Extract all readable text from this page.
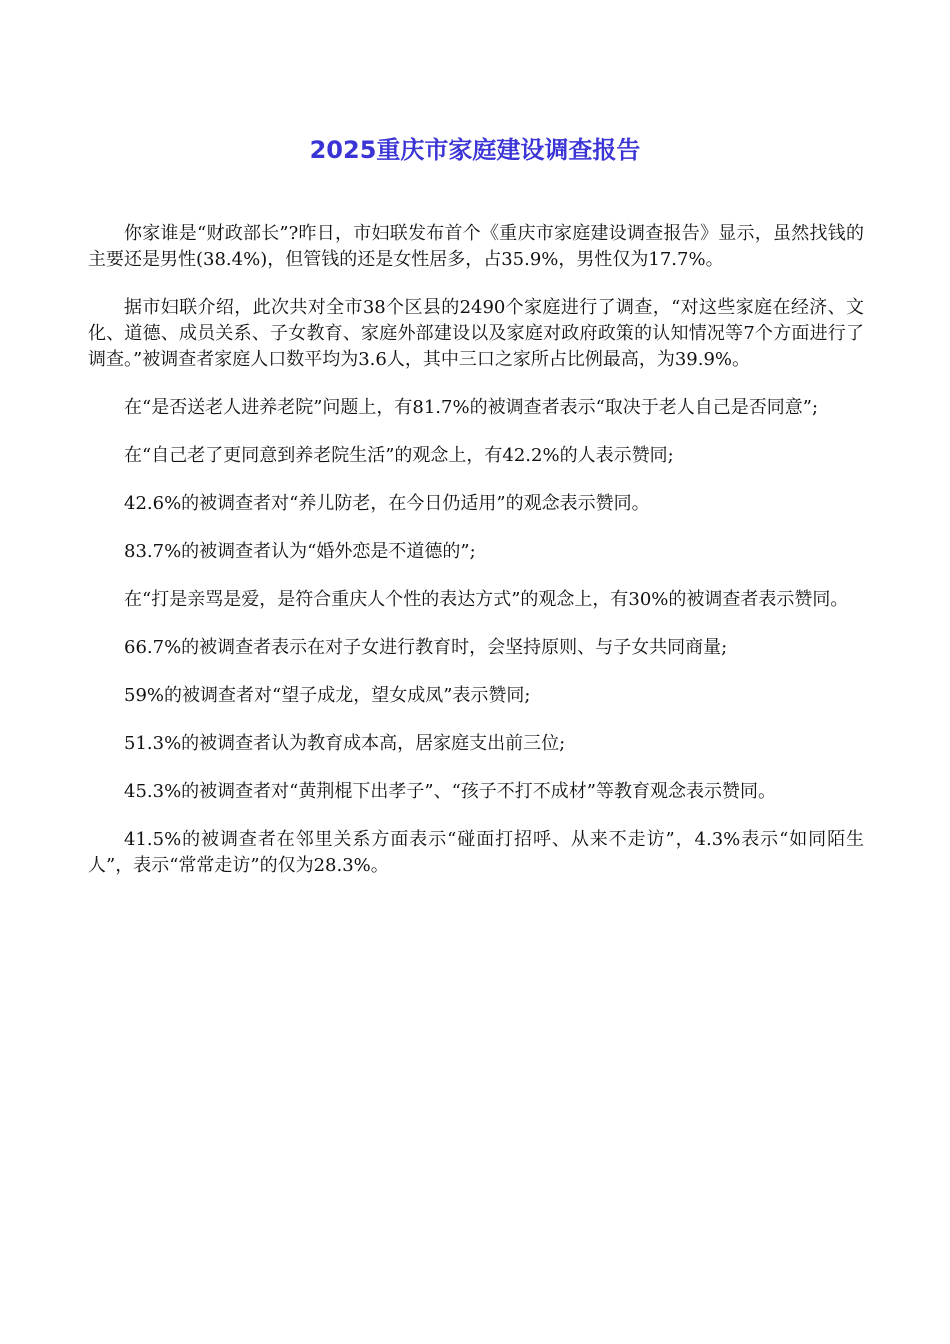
2025重庆市家庭建设调查报告

你家谁是“财政部长”?昨日，市妇联发布首个《重庆市家庭建设调查报告》显示，虽然找钱的主要还是男性(38.4%)，但管钱的还是女性居多，占35.9%，男性仅为17.7%。

据市妇联介绍，此次共对全市38个区县的2490个家庭进行了调查，“对这些家庭在经济、文化、道德、成员关系、子女教育、家庭外部建设以及家庭对政府政策的认知情况等7个方面进行了调查。”被调查者家庭人口数平均为3.6人，其中三口之家所占比例最高，为39.9%。

在“是否送老人进养老院”问题上，有81.7%的被调查者表示“取决于老人自己是否同意”;

在“自己老了更同意到养老院生活”的观念上，有42.2%的人表示赞同;

42.6%的被调查者对“养儿防老，在今日仍适用”的观念表示赞同。

83.7%的被调查者认为“婚外恋是不道德的”;

在“打是亲骂是爱，是符合重庆人个性的表达方式”的观念上，有30%的被调查者表示赞同。

66.7%的被调查者表示在对子女进行教育时，会坚持原则、与子女共同商量;

59%的被调查者对“望子成龙，望女成凤”表示赞同;

51.3%的被调查者认为教育成本高，居家庭支出前三位;

45.3%的被调查者对“黄荆棍下出孝子”、“孩子不打不成材”等教育观念表示赞同。

41.5%的被调查者在邻里关系方面表示“碰面打招呼、从来不走访”，4.3%表示“如同陌生人”，表示“常常走访”的仅为28.3%。
